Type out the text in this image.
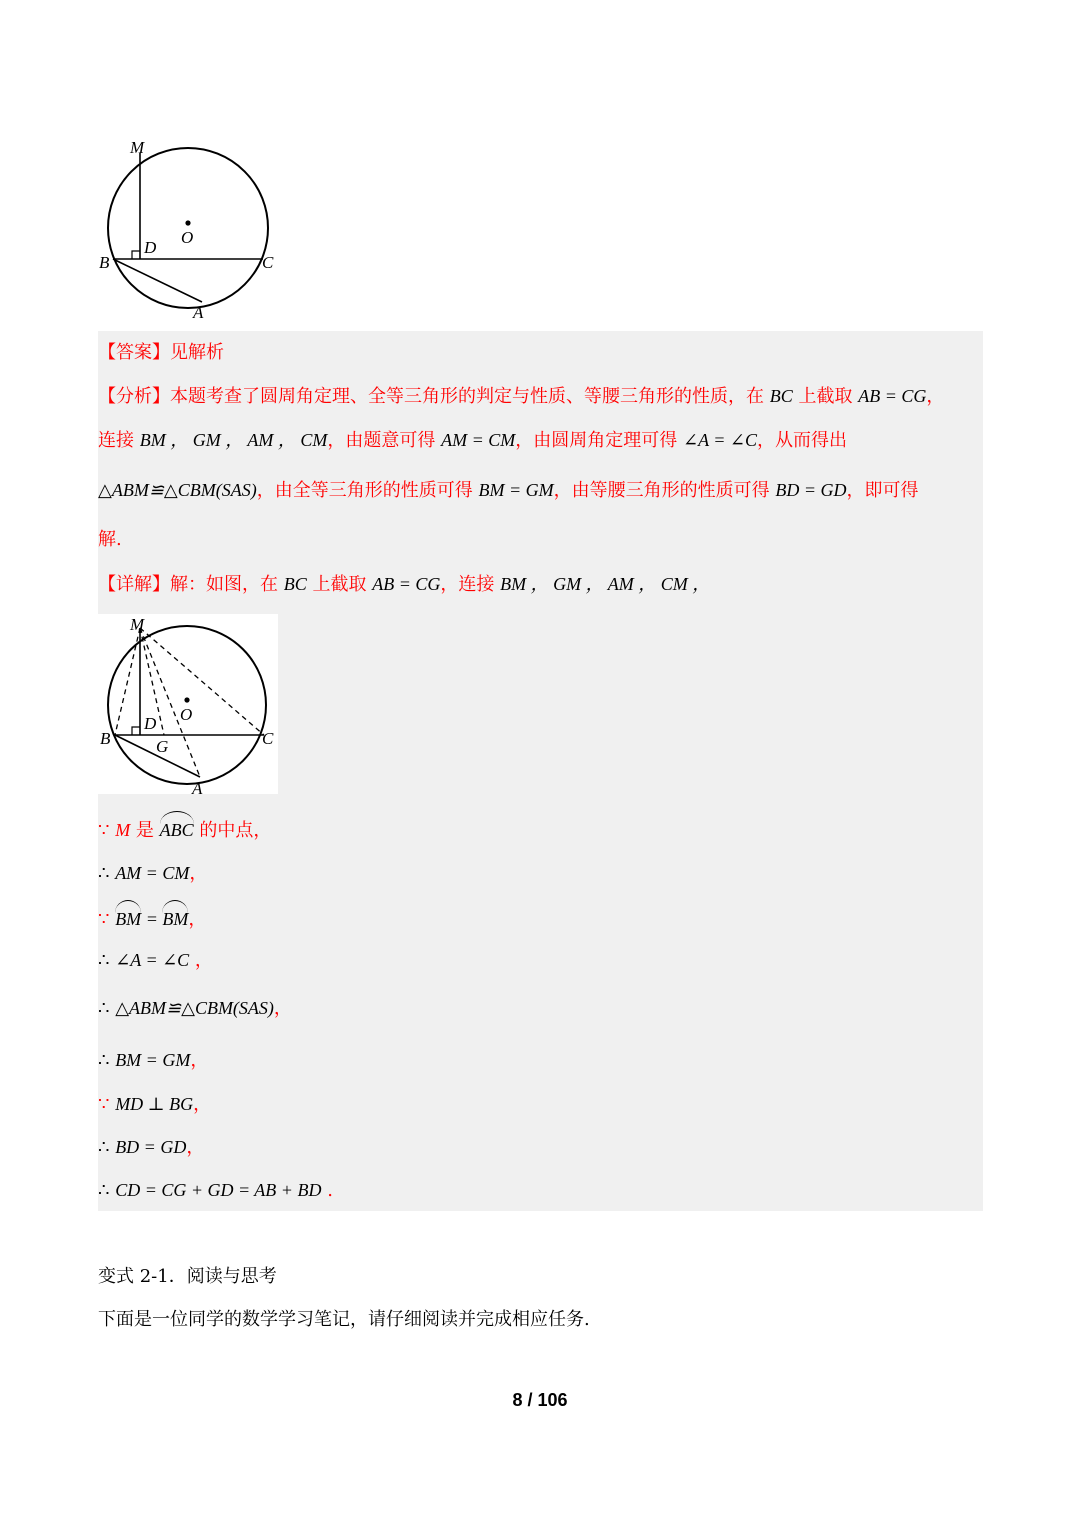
M
O
D
B	C
A
【答案】见解析
【分析】本题考查了圆周角定理、全等三角形的判定与性质、等腰三角形的性质，在 BC 上截取 AB = CG，
连接 BM ， GM ， AM ， CM，由题意可得 AM = CM，由圆周角定理可得 ∠A = ∠C，从而得出
△ABM≌△CBM(SAS)，由全等三角形的性质可得 BM = GM，由等腰三角形的性质可得 BD = GD，即可得
解.
【详解】解：如图，在 BC 上截取 AB = CG，连接 BM ， GM ， AM ， CM ，
M
O
D
B	C
G
A
∵ M 是 ABC 的中点，
∴ AM = CM，
∵ BM = BM，
∴ ∠A = ∠C ，
∴ △ABM≌△CBM(SAS)，
∴ BM = GM，
∵ MD ⊥ BG，
∴ BD = GD，
∴ CD = CG + GD = AB + BD .
变式 2-1．阅读与思考
下面是一位同学的数学学习笔记，请仔细阅读并完成相应任务.
8 / 106
